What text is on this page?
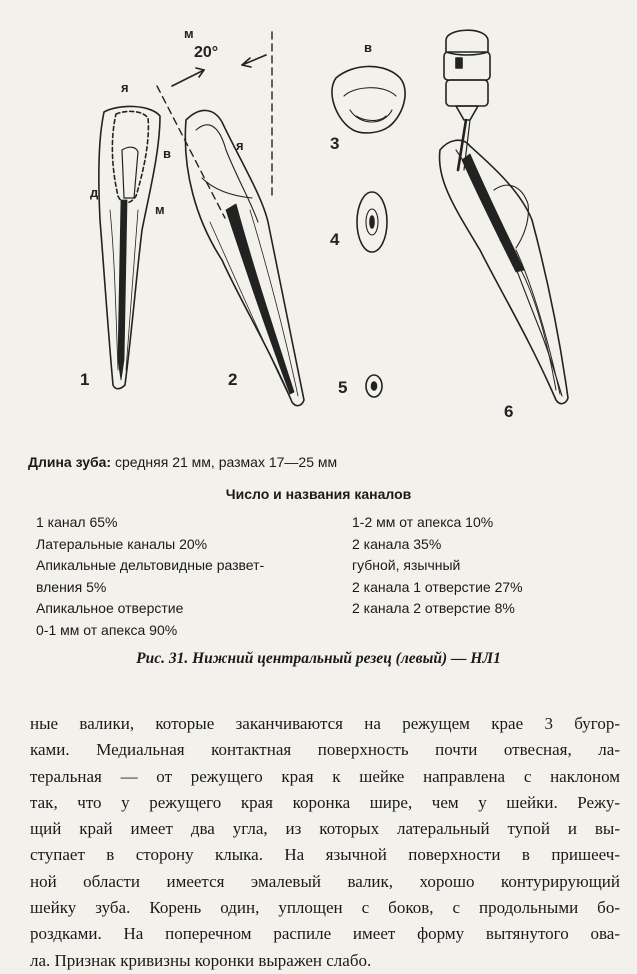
м
20°
я
в
д
м
я
в
1	2
3
4
5
6
Длина зуба: средняя 21 мм, размах 17—25 мм
Число и названия каналов
1 канал 65%
Латеральные каналы 20%
Апикальные дельтовидные развет-
вления 5%
Апикальное отверстие
0-1 мм от апекса 90%
1-2 мм от апекса 10%
2 канала 35%
губной, язычный
2 канала 1 отверстие 27%
2 канала 2 отверстие 8%
Рис. 31. Нижний центральный резец (левый) — НЛ1
ные валики, которые заканчиваются на режущем крае 3 бугор-
ками. Медиальная контактная поверхность почти отвесная, ла-
теральная — от режущего края к шейке направлена с наклоном
так, что у режущего края коронка шире, чем у шейки. Режу-
щий край имеет два угла, из которых латеральный тупой и вы-
ступает в сторону клыка. На язычной поверхности в пришееч-
ной области имеется эмалевый валик, хорошо контурирующий
шейку зуба. Корень один, уплощен с боков, с продольными бо-
роздками. На поперечном распиле имеет форму вытянутого ова-
ла. Признак кривизны коронки выражен слабо.
